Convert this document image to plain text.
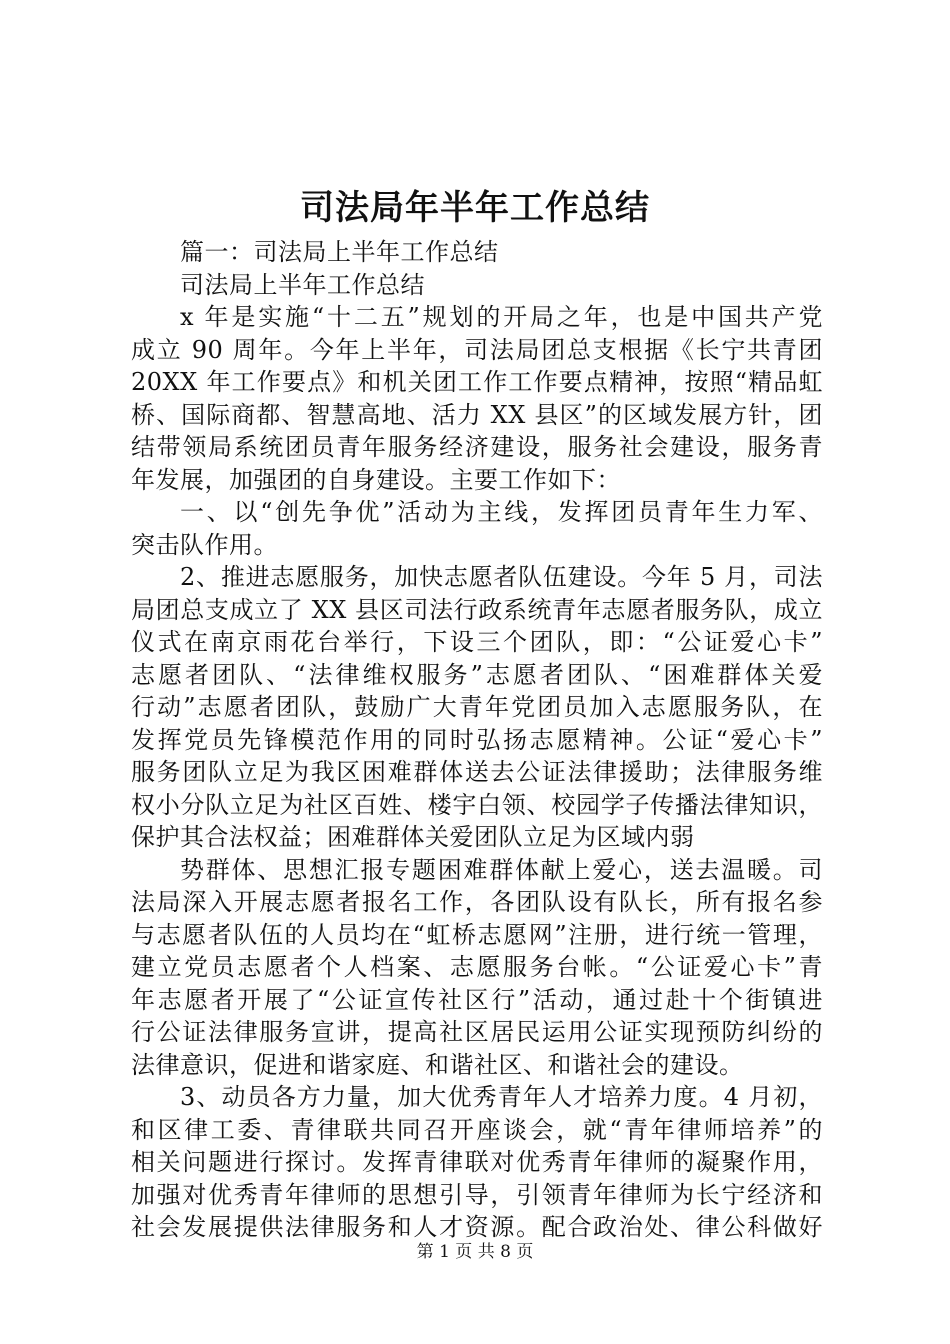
司法局年半年工作总结
篇一：司法局上半年工作总结
司法局上半年工作总结
x 年是实施“十二五”规划的开局之年，也是中国共产党
成立 90 周年。今年上半年，司法局团总支根据《长宁共青团
20XX 年工作要点》和机关团工作工作要点精神，按照“精品虹
桥、国际商都、智慧高地、活力 XX 县区”的区域发展方针，团
结带领局系统团员青年服务经济建设，服务社会建设，服务青
年发展，加强团的自身建设。主要工作如下：
一、以“创先争优”活动为主线，发挥团员青年生力军、
突击队作用。
2、推进志愿服务，加快志愿者队伍建设。今年 5 月，司法
局团总支成立了 XX 县区司法行政系统青年志愿者服务队，成立
仪式在南京雨花台举行，下设三个团队，即：“公证爱心卡”
志愿者团队、“法律维权服务”志愿者团队、“困难群体关爱
行动”志愿者团队，鼓励广大青年党团员加入志愿服务队，在
发挥党员先锋模范作用的同时弘扬志愿精神。公证“爱心卡”
服务团队立足为我区困难群体送去公证法律援助；法律服务维
权小分队立足为社区百姓、楼宇白领、校园学子传播法律知识，
保护其合法权益；困难群体关爱团队立足为区域内弱
势群体、思想汇报专题困难群体献上爱心，送去温暖。司
法局深入开展志愿者报名工作，各团队设有队长，所有报名参
与志愿者队伍的人员均在“虹桥志愿网”注册，进行统一管理，
建立党员志愿者个人档案、志愿服务台帐。“公证爱心卡”青
年志愿者开展了“公证宣传社区行”活动，通过赴十个街镇进
行公证法律服务宣讲，提高社区居民运用公证实现预防纠纷的
法律意识，促进和谐家庭、和谐社区、和谐社会的建设。
3、动员各方力量，加大优秀青年人才培养力度。4 月初，
和区律工委、青律联共同召开座谈会，就“青年律师培养”的
相关问题进行探讨。发挥青律联对优秀青年律师的凝聚作用，
加强对优秀青年律师的思想引导，引领青年律师为长宁经济和
社会发展提供法律服务和人才资源。配合政治处、律公科做好
第 1 页 共 8 页
